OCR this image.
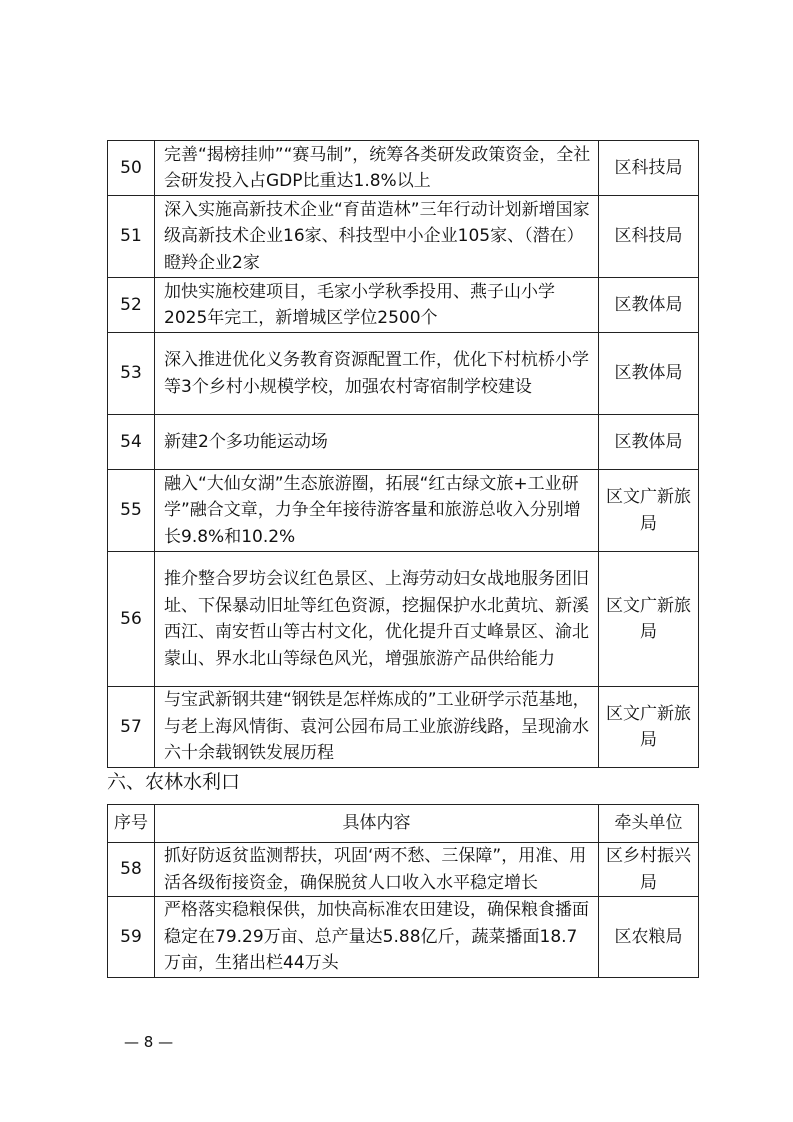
50	完善“揭榜挂帅”“赛马制”，统筹各类研发政策资金，全社会研发投入占GDP比重达1.8%以上	区科技局
51	深入实施高新技术企业“育苗造林”三年行动计划新增国家级高新技术企业16家、科技型中小企业105家、（潜在）瞪羚企业2家	区科技局
52	加快实施校建项目，毛家小学秋季投用、燕子山小学2025年完工，新增城区学位2500个	区教体局
53	深入推进优化义务教育资源配置工作，优化下村杭桥小学等3个乡村小规模学校，加强农村寄宿制学校建设	区教体局
54	新建2个多功能运动场	区教体局
55	融入“大仙女湖”生态旅游圈，拓展“红古绿文旅+工业研学”融合文章，力争全年接待游客量和旅游总收入分别增长9.8%和10.2%	区文广新旅局
56	推介整合罗坊会议红色景区、上海劳动妇女战地服务团旧址、下保暴动旧址等红色资源，挖掘保护水北黄坑、新溪西江、南安哲山等古村文化，优化提升百丈峰景区、渝北蒙山、界水北山等绿色风光，增强旅游产品供给能力	区文广新旅局
57	与宝武新钢共建“钢铁是怎样炼成的”工业研学示范基地，与老上海风情街、袁河公园布局工业旅游线路，呈现渝水六十余载钢铁发展历程	区文广新旅局
六、农林水利口
序号	具体内容	牵头单位
58	抓好防返贫监测帮扶，巩固‘两不愁、三保障”，用准、用活各级衔接资金，确保脱贫人口收入水平稳定增长	区乡村振兴局
59	严格落实稳粮保供，加快高标准农田建设，确保粮食播面稳定在79.29万亩、总产量达5.88亿斤，蔬菜播面18.7万亩，生猪出栏44万头	区农粮局
— 8 —
